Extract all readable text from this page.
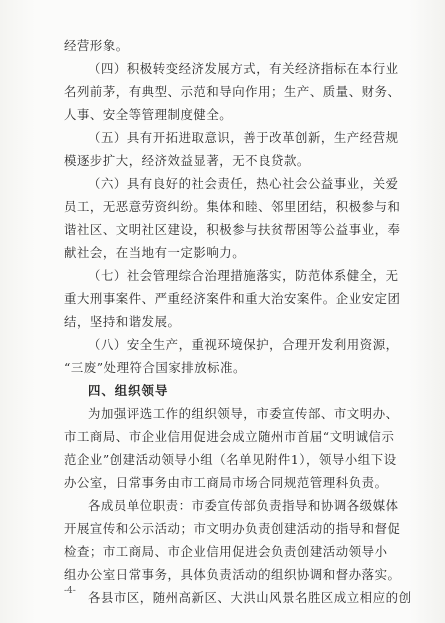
经营形象。
（四）积极转变经济发展方式，有关经济指标在本行业
名列前茅，有典型、示范和导向作用；生产、质量、财务、
人事、安全等管理制度健全。
（五）具有开拓进取意识，善于改革创新，生产经营规
模逐步扩大，经济效益显著，无不良贷款。
（六）具有良好的社会责任，热心社会公益事业，关爱
员工，无恶意劳资纠纷。集体和睦、邻里团结，积极参与和
谐社区、文明社区建设，积极参与扶贫帮困等公益事业，奉
献社会，在当地有一定影响力。
（七）社会管理综合治理措施落实，防范体系健全，无
重大刑事案件、严重经济案件和重大治安案件。企业安定团
结，坚持和谐发展。
（八）安全生产，重视环境保护，合理开发利用资源，
“三废”处理符合国家排放标准。
四、组织领导
为加强评选工作的组织领导，市委宣传部、市文明办、
市工商局、市企业信用促进会成立随州市首届“文明诚信示
范企业”创建活动领导小组（名单见附件1），领导小组下设
办公室，日常事务由市工商局市场合同规范管理科负责。
各成员单位职责：市委宣传部负责指导和协调各级媒体
开展宣传和公示活动；市文明办负责创建活动的指导和督促
检查；市工商局、市企业信用促进会负责创建活动领导小
组办公室日常事务，具体负责活动的组织协调和督办落实。
各县市区，随州高新区、大洪山风景名胜区成立相应的创
-4-
